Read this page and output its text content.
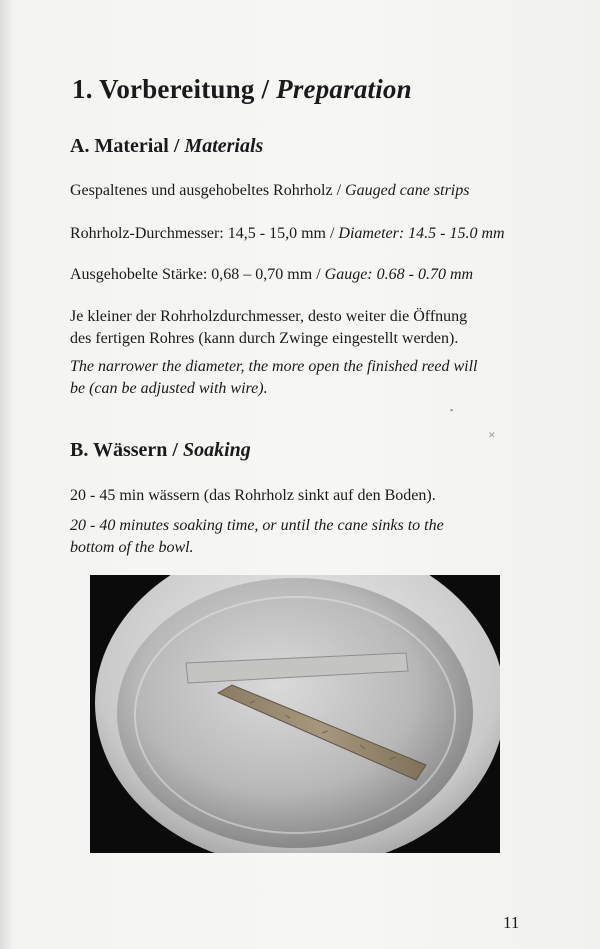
1. Vorbereitung / Preparation
A. Material / Materials

Gespaltenes und ausgehobeltes Rohrholz / Gauged cane strips

Rohrholz-Durchmesser: 14,5 - 15,0 mm / Diameter: 14.5 - 15.0 mm

Ausgehobelte Stärke: 0,68 – 0,70 mm / Gauge: 0.68 - 0.70 mm

Je kleiner der Rohrholzdurchmesser, desto weiter die Öffnung
des fertigen Rohres (kann durch Zwinge eingestellt werden).

The narrower the diameter, the more open the finished reed will
be (can be adjusted with wire).

B. Wässern / Soaking

20 - 45 min wässern (das Rohrholz sinkt auf den Boden).

20 - 40 minutes soaking time, or until the cane sinks to the
bottom of the bowl.

▪
✕
11
